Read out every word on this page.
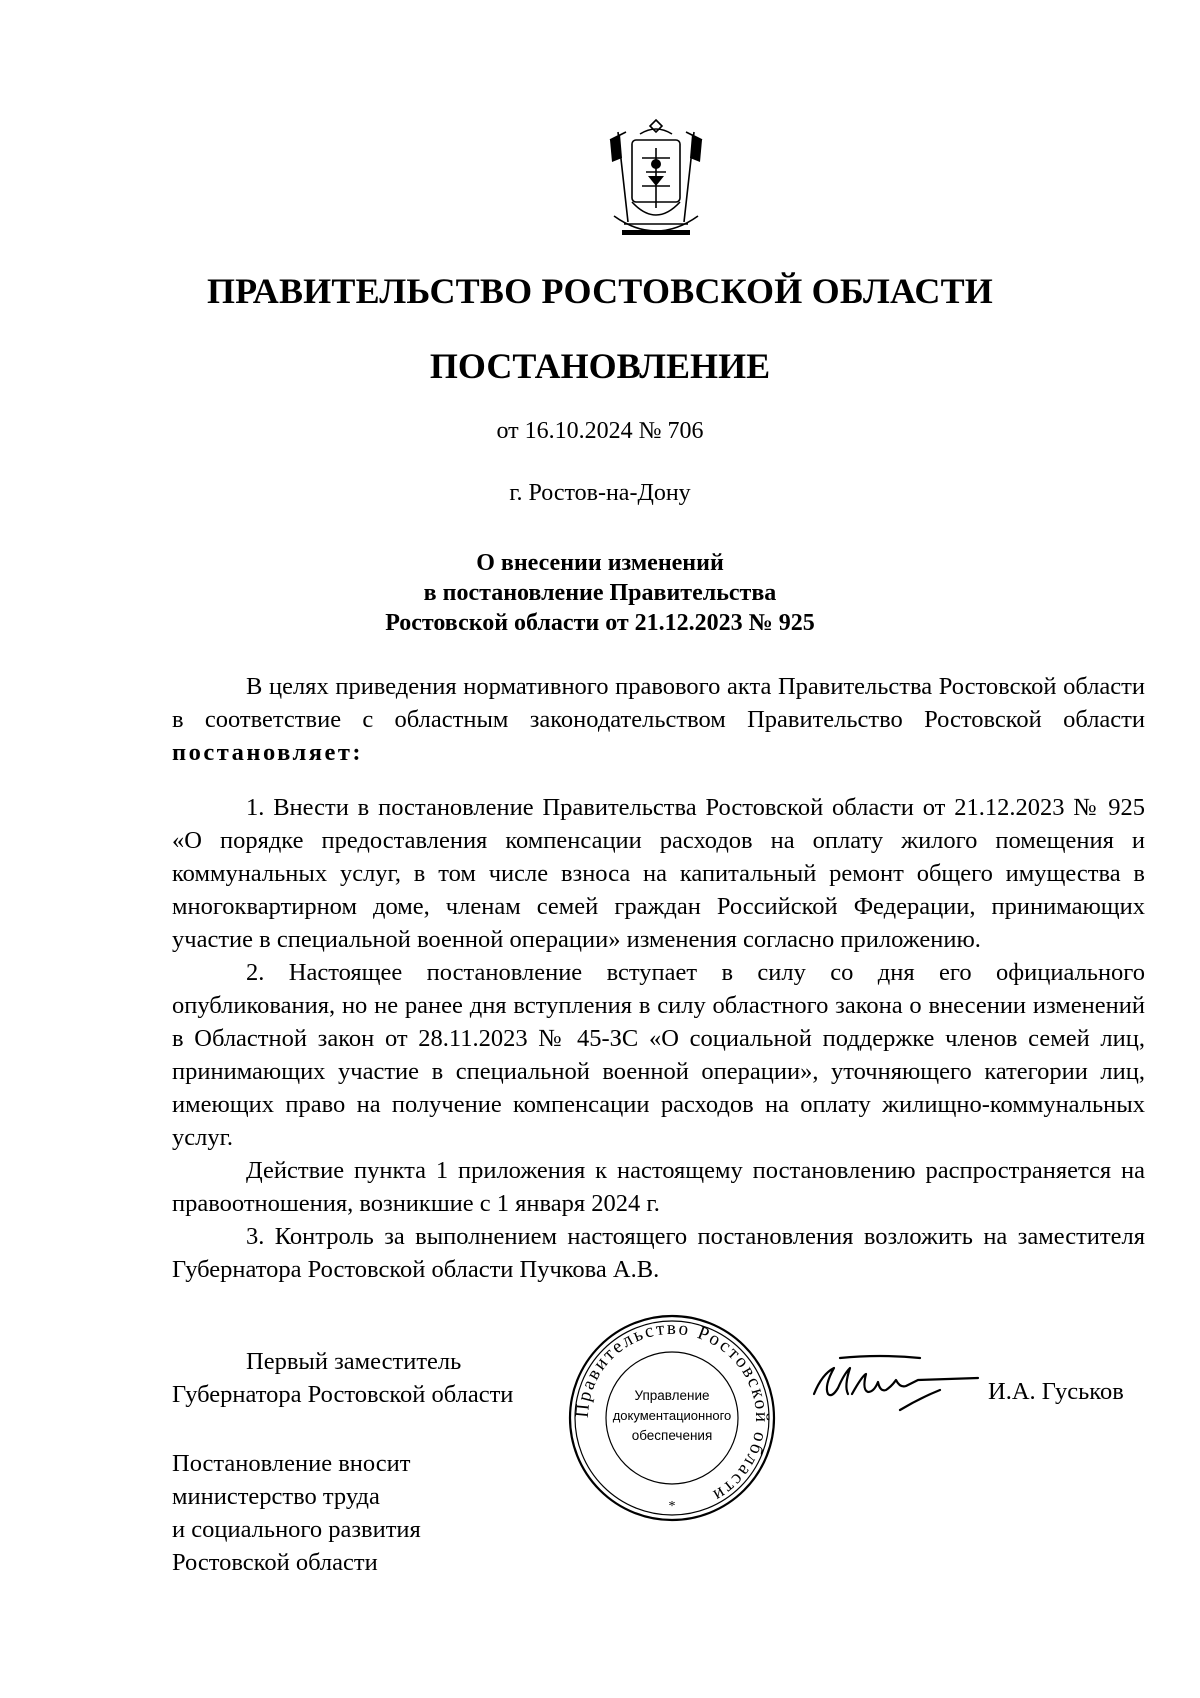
ПРАВИТЕЛЬСТВО РОСТОВСКОЙ ОБЛАСТИ
ПОСТАНОВЛЕНИЕ
от 16.10.2024 № 706
г. Ростов-на-Дону
О внесении изменений
в постановление Правительства
Ростовской области от 21.12.2023 № 925

В целях приведения нормативного правового акта Правительства Ростовской области в соответствие с областным законодательством Правительство Ростовской области постановляет:

1. Внести в постановление Правительства Ростовской области от 21.12.2023 № 925 «О порядке предоставления компенсации расходов на оплату жилого помещения и коммунальных услуг, в том числе взноса на капитальный ремонт общего имущества в многоквартирном доме, членам семей граждан Российской Федерации, принимающих участие в специальной военной операции» изменения согласно приложению.

2. Настоящее постановление вступает в силу со дня его официального опубликования, но не ранее дня вступления в силу областного закона о внесении изменений в Областной закон от 28.11.2023 № 45-ЗС «О социальной поддержке членов семей лиц, принимающих участие в специальной военной операции», уточняющего категории лиц, имеющих право на получение компенсации расходов на оплату жилищно-коммунальных услуг.

Действие пункта 1 приложения к настоящему постановлению распространяется на правоотношения, возникшие с 1 января 2024 г.

3. Контроль за выполнением настоящего постановления возложить на заместителя Губернатора Ростовской области Пучкова А.В.

Первый заместитель
Губернатора Ростовской области
Правительство Ростовской области
Управление
документационного
обеспечения
*
И.А. Гуськов
Постановление вносит
министерство труда
и социального развития
Ростовской области
